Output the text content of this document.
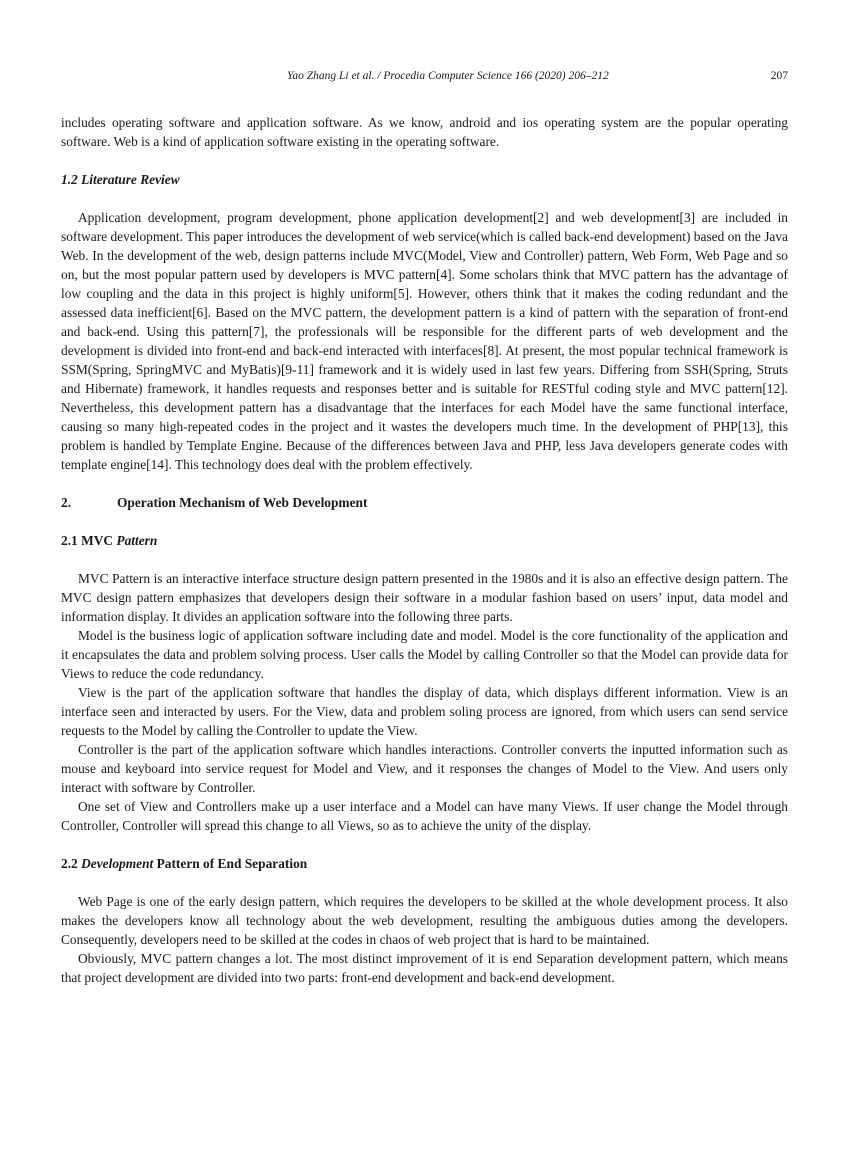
Yao Zhang Li et al. / Procedia Computer Science 166 (2020) 206–212	207

includes operating software and application software. As we know, android and ios operating system are the popular operating software. Web is a kind of application software existing in the operating software.

1.2 Literature Review

Application development, program development, phone application development[2] and web development[3] are included in software development. This paper introduces the development of web service(which is called back-end development) based on the Java Web. In the development of the web, design patterns include MVC(Model, View and Controller) pattern, Web Form, Web Page and so on, but the most popular pattern used by developers is MVC pattern[4]. Some scholars think that MVC pattern has the advantage of low coupling and the data in this project is highly uniform[5]. However, others think that it makes the coding redundant and the assessed data inefficient[6]. Based on the MVC pattern, the development pattern is a kind of pattern with the separation of front-end and back-end. Using this pattern[7], the professionals will be responsible for the different parts of web development and the development is divided into front-end and back-end interacted with interfaces[8]. At present, the most popular technical framework is SSM(Spring, SpringMVC and MyBatis)[9-11] framework and it is widely used in last few years. Differing from SSH(Spring, Struts and Hibernate) framework, it handles requests and responses better and is suitable for RESTful coding style and MVC pattern[12]. Nevertheless, this development pattern has a disadvantage that the interfaces for each Model have the same functional interface, causing so many high-repeated codes in the project and it wastes the developers much time. In the development of PHP[13], this problem is handled by Template Engine. Because of the differences between Java and PHP, less Java developers generate codes with template engine[14]. This technology does deal with the problem effectively.

2.	Operation Mechanism of Web Development

2.1 MVC Pattern

MVC Pattern is an interactive interface structure design pattern presented in the 1980s and it is also an effective design pattern. The MVC design pattern emphasizes that developers design their software in a modular fashion based on users’ input, data model and information display. It divides an application software into the following three parts.

Model is the business logic of application software including date and model. Model is the core functionality of the application and it encapsulates the data and problem solving process. User calls the Model by calling Controller so that the Model can provide data for Views to reduce the code redundancy.

View is the part of the application software that handles the display of data, which displays different information. View is an interface seen and interacted by users. For the View, data and problem soling process are ignored, from which users can send service requests to the Model by calling the Controller to update the View.

Controller is the part of the application software which handles interactions. Controller converts the inputted information such as mouse and keyboard into service request for Model and View, and it responses the changes of Model to the View. And users only interact with software by Controller.

One set of View and Controllers make up a user interface and a Model can have many Views. If user change the Model through Controller, Controller will spread this change to all Views, so as to achieve the unity of the display.

2.2 Development Pattern of End Separation

Web Page is one of the early design pattern, which requires the developers to be skilled at the whole development process. It also makes the developers know all technology about the web development, resulting the ambiguous duties among the developers. Consequently, developers need to be skilled at the codes in chaos of web project that is hard to be maintained.

Obviously, MVC pattern changes a lot. The most distinct improvement of it is end Separation development pattern, which means that project development are divided into two parts: front-end development and back-end development.
